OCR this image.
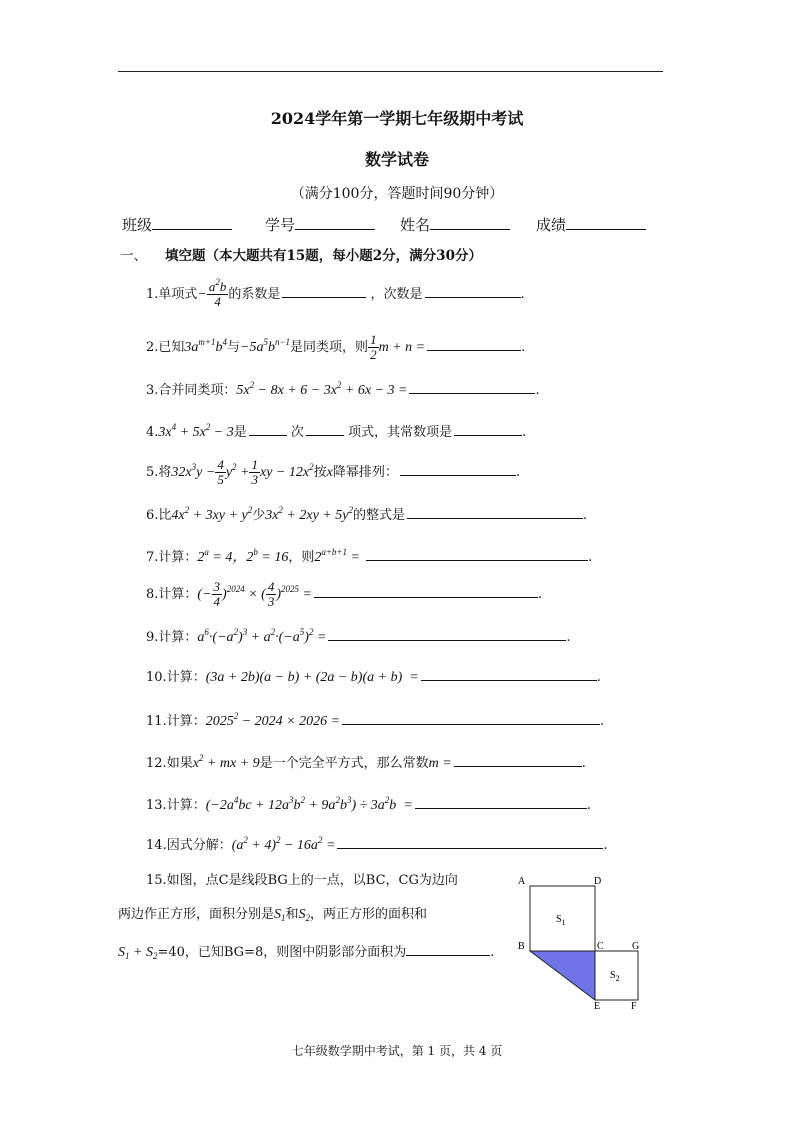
2024学年第一学期七年级期中考试
数学试卷
（满分100分，答题时间90分钟）
班级	学号	姓名	成绩
一、 填空题（本大题共有15题，每小题2分，满分30分）
1.单项式− $\frac{a^2b}{4}$ 的系数是	，次数是	.
2.已知$3a^{m+1}b^4$与$-5a^5b^{n-1}$是同类项，则 $\frac{1}{2}$ m + n =	.
3.合并同类项：$5x^2 - 8x + 6 - 3x^2 + 6x - 3$ =	.
$4.3x^4 + 5x^2 - 3$是	次	项式，其常数项是	.
5.将$32x^3y - \frac{4}{5} y^2 + \frac{1}{3}$ xy − $12x^2$按x降幂排列：	.
6.比$4x^2 + 3xy + y^2$少$3x^2 + 2xy + 5y^2$的整式是	.
7.计算：$2^a = 4$，$2^b = 16$，则$2^{a+b+1}$ =	.
8.计算：(− $\frac{3}{4} )^{2024}$ × ( $\frac{4}{3} )^{2025}$ =	.
9.计算：$a^6\cdot(-a^2)^3 + a^2\cdot(-a^5)^2$ =	.
10.计算：(3a + 2b)(a − b) + (2a − b)(a + b)  =	.
11.计算：$2025^2 - 2024 \times 2026$ =	.
12.如果$x^2$ + mx + 9是一个完全平方式，那么常数m =	.
13.计算：$(-2a^4bc + 12a^3b^2 + 9a^2b^3) \div 3a^2b$  =	.
14.因式分解：$(a^2 + 4)^2 - 16a^2$ =	.
15.如图，点C是线段BG上的一点，以BC，CG为边向
两边作正方形，面积分别是$S_1$和$S_2$，两正方形的面积和
$S_1 + S_2=40$，已知BG=8，则图中阴影部分面积为	.
A	D
B	C	G
E	F
$S_1$
$S_2$
七年级数学期中考试，第 1 页，共 4 页
